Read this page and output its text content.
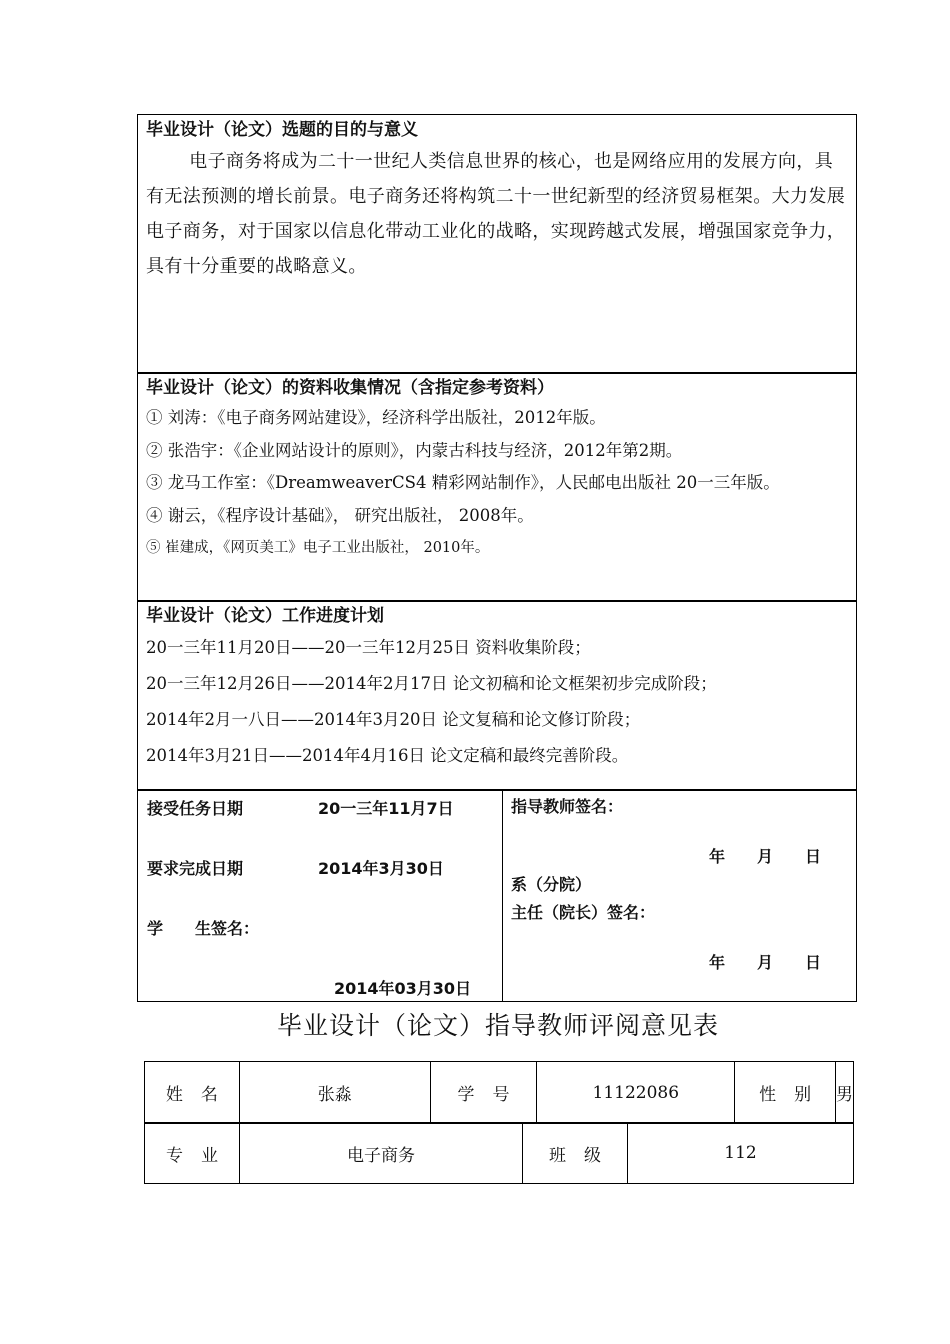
毕业设计（论文）选题的目的与意义
电子商务将成为二十一世纪人类信息世界的核心，也是网络应用的发展方向，具有无法预测的增长前景。电子商务还将构筑二十一世纪新型的经济贸易框架。大力发展电子商务，对于国家以信息化带动工业化的战略，实现跨越式发展，增强国家竞争力，具有十分重要的战略意义。
毕业设计（论文）的资料收集情况（含指定参考资料）
① 刘涛：《电子商务网站建设》，经济科学出版社，2012年版。
② 张浩宇：《企业网站设计的原则》，内蒙古科技与经济，2012年第2期。
③ 龙马工作室：《DreamweaverCS4 精彩网站制作》，人民邮电出版社 20一三年版。
④ 谢云，《程序设计基础》， 研究出版社， 2008年。
⑤ 崔建成，《网页美工》电子工业出版社， 2010年。
毕业设计（论文）工作进度计划
20一三年11月20日——20一三年12月25日 资料收集阶段；
20一三年12月26日——2014年2月17日 论文初稿和论文框架初步完成阶段；
2014年2月一八日——2014年3月20日 论文复稿和论文修订阶段；
2014年3月21日——2014年4月16日 论文定稿和最终完善阶段。
接受任务日期	20一三年11月7日
要求完成日期	2014年3月30日
学　　生签名：
2014年03月30日
指导教师签名：
年　　月　　日
系（分院）
主任（院长）签名：
年　　月　　日
毕业设计（论文）指导教师评阅意见表
姓名	张淼	学号	11122086	性别	男
专业	电子商务	班级	112
